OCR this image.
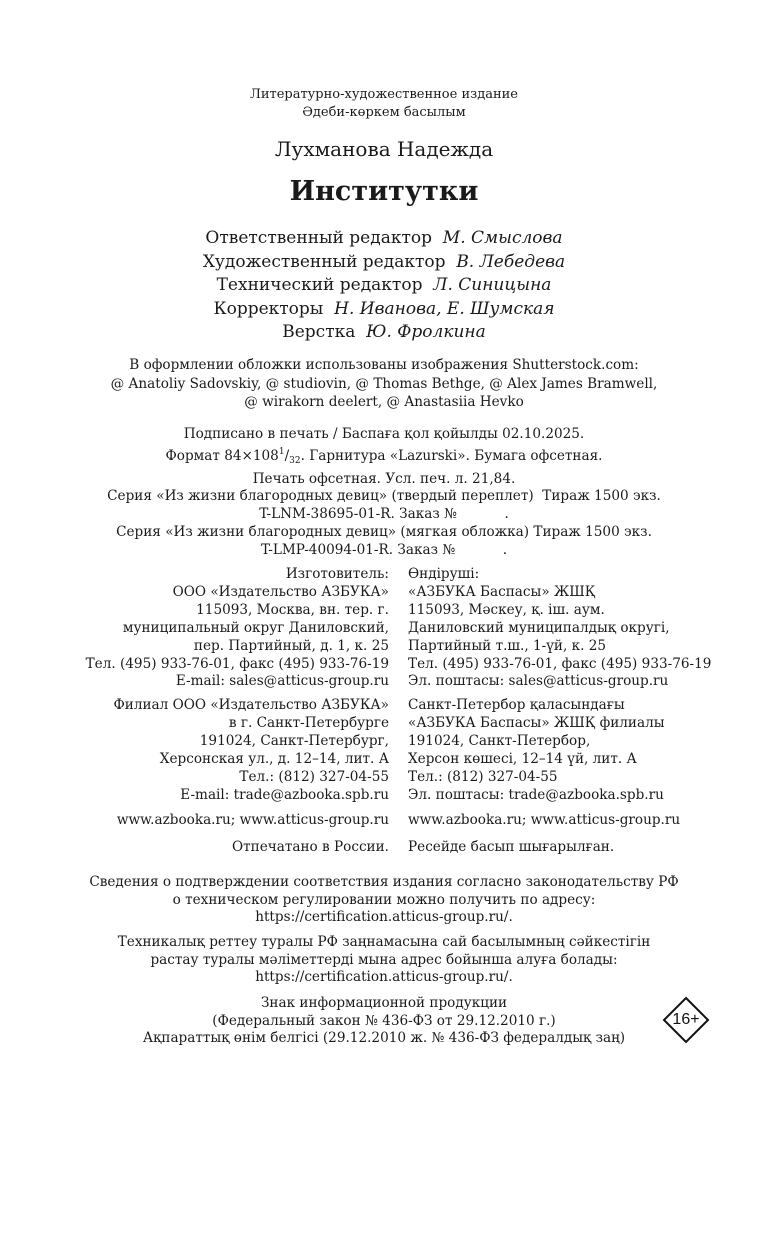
Литературно-художественное издание
Әдеби-көркем басылым
Лухманова Надежда
Институтки
Ответственный редактор М. Смыслова
Художественный редактор В. Лебедева
Технический редактор Л. Синицына
Корректоры Н. Иванова, Е. Шумская
Верстка Ю. Фролкина
В оформлении обложки использованы изображения Shutterstock.com:
@ Anatoliy Sadovskiy, @ studiovin, @ Thomas Bethge, @ Alex James Bramwell,
@ wirakorn deelert, @ Anastasiia Hevko
Подписано в печать / Баспаға қол қойылды 02.10.2025.
Формат $84\times 108^1/_{32}$. Гарнитура «Lazurski». Бумага офсетная.
Печать офсетная. Усл. печ. л. 21,84.
Серия «Из жизни благородных девиц» (твердый переплет)  Тираж 1500 экз.
T-LNM-38695-01-R. Заказ №           .
Серия «Из жизни благородных девиц» (мягкая обложка) Тираж 1500 экз.
T-LMP-40094-01-R. Заказ №           .
Изготовитель:
ООО «Издательство АЗБУКА»
115093, Москва, вн. тер. г.
муниципальный округ Даниловский,
пер. Партийный, д. 1, к. 25
Тел. (495) 933-76-01, факс (495) 933-76-19
E-mail: sales@atticus-group.ru
Өндіруші:
«АЗБУКА Баспасы» ЖШҚ
115093, Мәскеу, қ. іш. аум.
Даниловский муниципалдық округі,
Партийный т.ш., 1-үй, к. 25
Тел. (495) 933-76-01, факс (495) 933-76-19
Эл. поштасы: sales@atticus-group.ru
Филиал ООО «Издательство АЗБУКА»
в г. Санкт-Петербурге
191024, Санкт-Петербург,
Херсонская ул., д. 12–14, лит. А
Тел.: (812) 327-04-55
E-mail: trade@azbooka.spb.ru
Санкт-Петербор қаласындағы
«АЗБУКА Баспасы» ЖШҚ филиалы
191024, Санкт-Петербор,
Херсон көшесі, 12–14 үй, лит. А
Тел.: (812) 327-04-55
Эл. поштасы: trade@azbooka.spb.ru
www.azbooka.ru; www.atticus-group.ru www.azbooka.ru; www.atticus-group.ru
Отпечатано в России. Ресейде басып шығарылған.
Сведения о подтверждении соответствия издания согласно законодательству РФ
о техническом регулировании можно получить по адресу:
https://certification.atticus-group.ru/.
Техникалық реттеу туралы РФ заңнамасына сай басылымның сәйкестігін
растау туралы мәліметтерді мына адрес бойынша алуға болады:
https://certification.atticus-group.ru/.
Знак информационной продукции
(Федеральный закон № 436-ФЗ от 29.12.2010 г.)
Ақпараттық өнім белгісі (29.12.2010 ж. № 436-ФЗ федералдық заң)
16+
